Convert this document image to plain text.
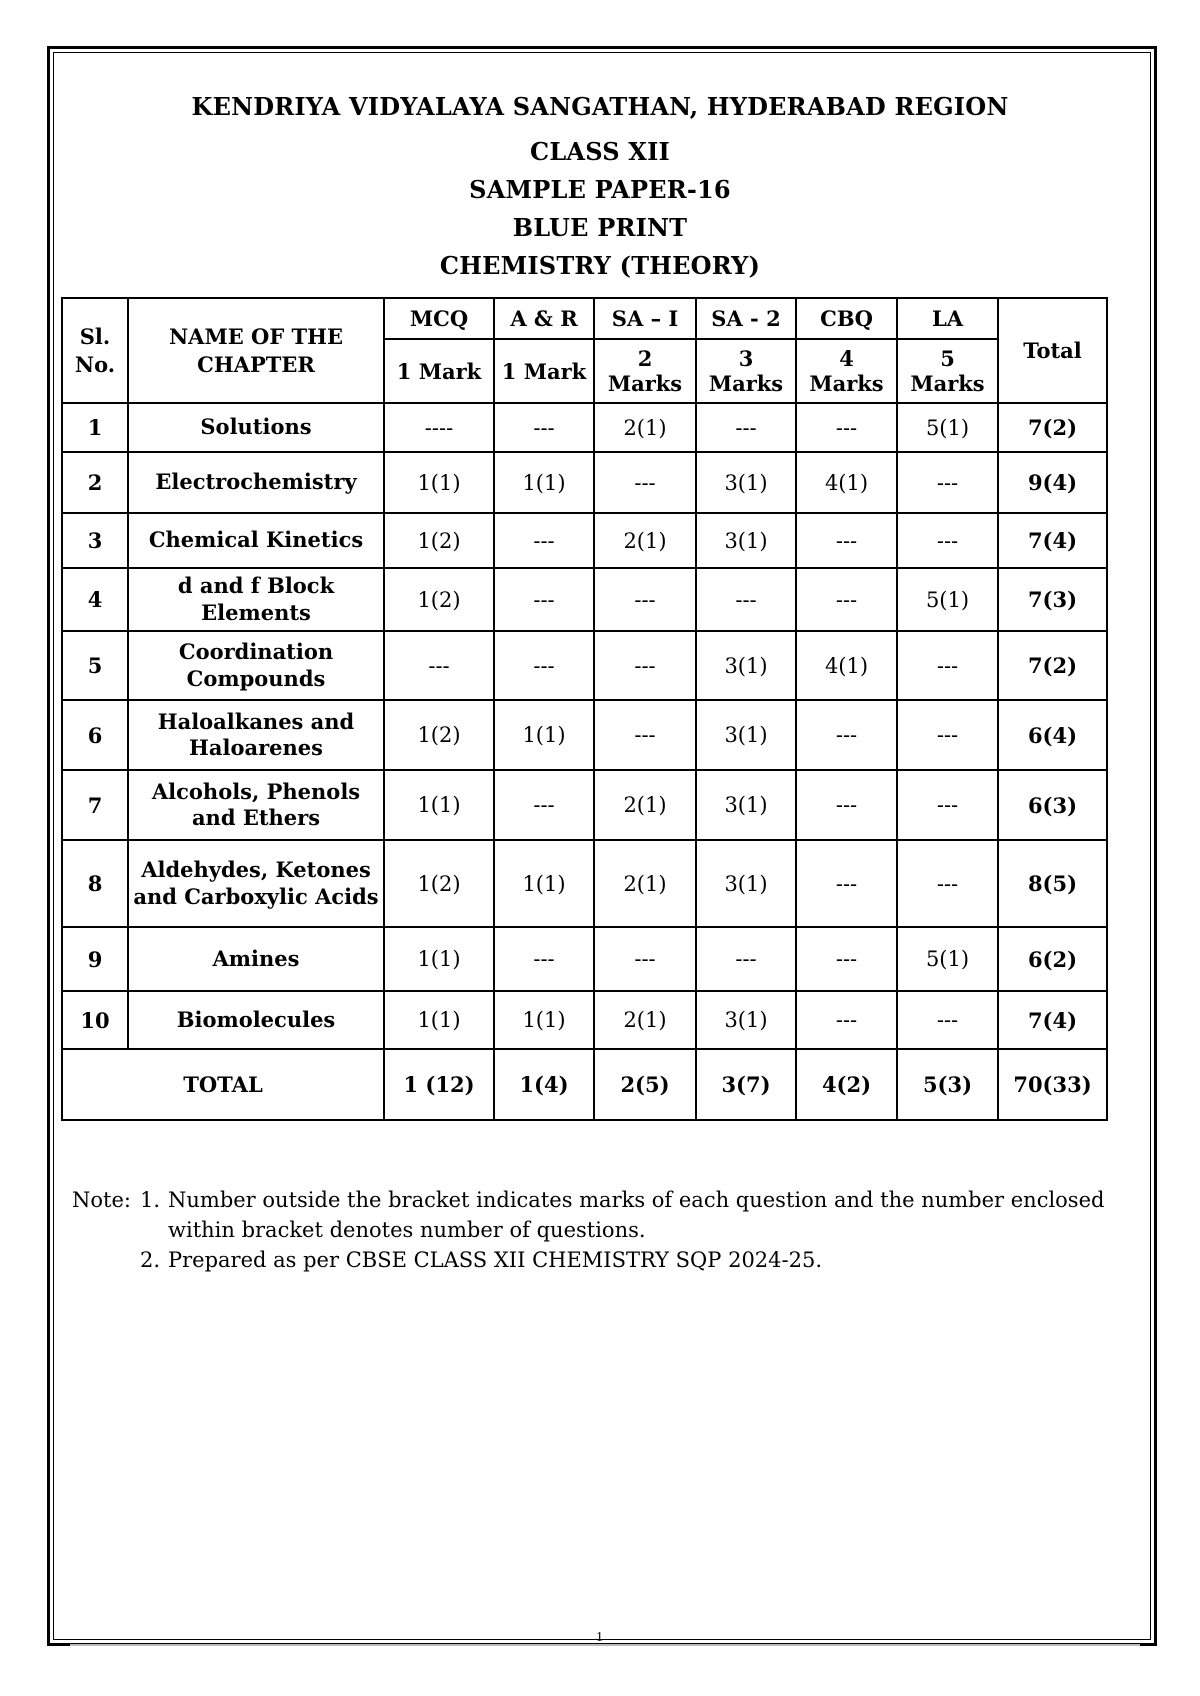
KENDRIYA VIDYALAYA SANGATHAN, HYDERABAD REGION
CLASS XII
SAMPLE PAPER-16
BLUE PRINT
CHEMISTRY (THEORY)
Sl. No.	NAME OF THE CHAPTER	MCQ	A & R	SA – I	SA - 2	CBQ	LA	Total
		1 Mark	1 Mark	2 Marks	3 Marks	4 Marks	5 Marks	
1	Solutions	----	---	2(1)	---	---	5(1)	7(2)
2	Electrochemistry	1(1)	1(1)	---	3(1)	4(1)	---	9(4)
3	Chemical Kinetics	1(2)	---	2(1)	3(1)	---	---	7(4)
4	d and f Block Elements	1(2)	---	---	---	---	5(1)	7(3)
5	Coordination Compounds	---	---	---	3(1)	4(1)	---	7(2)
6	Haloalkanes and Haloarenes	1(2)	1(1)	---	3(1)	---	---	6(4)
7	Alcohols, Phenols and Ethers	1(1)	---	2(1)	3(1)	---	---	6(3)
8	Aldehydes, Ketones and Carboxylic Acids	1(2)	1(1)	2(1)	3(1)	---	---	8(5)
9	Amines	1(1)	---	---	---	---	5(1)	6(2)
10	Biomolecules	1(1)	1(1)	2(1)	3(1)	---	---	7(4)
TOTAL		1 (12)	1(4)	2(5)	3(7)	4(2)	5(3)	70(33)
Note: 1. Number outside the bracket indicates marks of each question and the number enclosed within bracket denotes number of questions.
2. Prepared as per CBSE CLASS XII CHEMISTRY SQP 2024-25.
1
